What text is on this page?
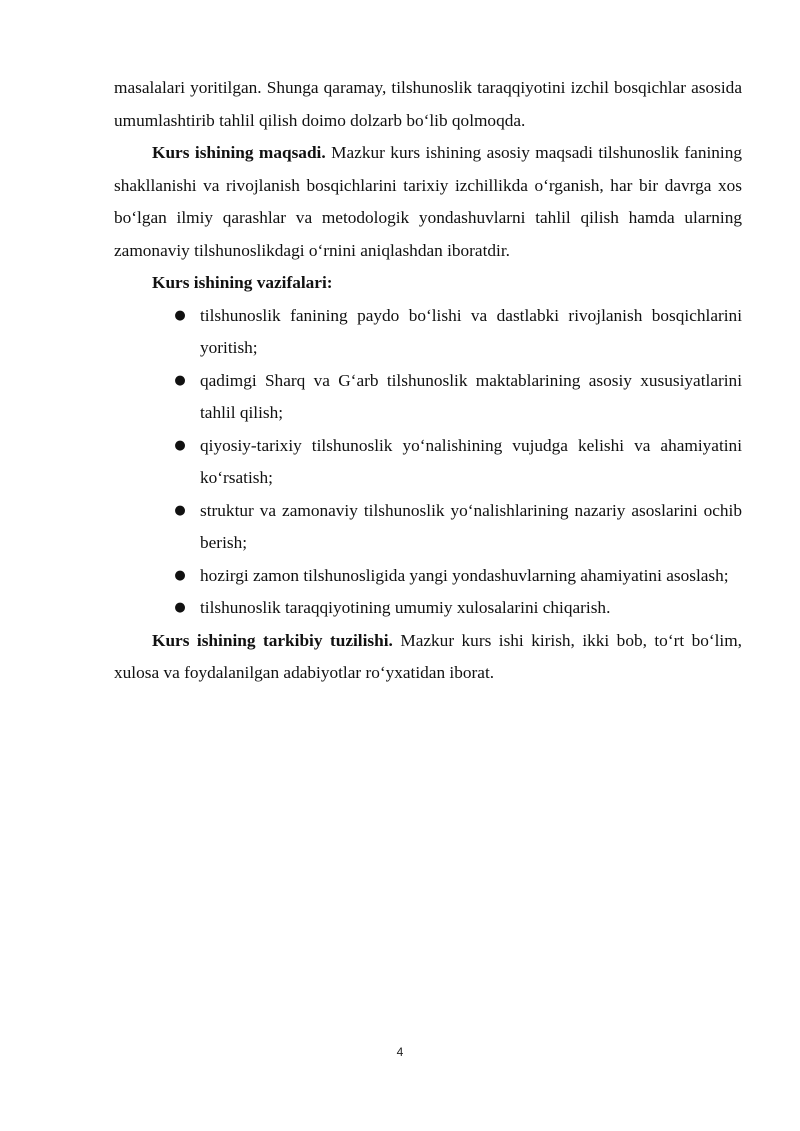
masalalari yoritilgan. Shunga qaramay, tilshunoslik taraqqiyotini izchil bosqichlar asosida umumlashtirib tahlil qilish doimo dolzarb bo‘lib qolmoqda.

Kurs ishining maqsadi. Mazkur kurs ishining asosiy maqsadi tilshunoslik fanining shakllanishi va rivojlanish bosqichlarini tarixiy izchillikda o‘rganish, har bir davrga xos bo‘lgan ilmiy qarashlar va metodologik yondashuvlarni tahlil qilish hamda ularning zamonaviy tilshunoslikdagi o‘rnini aniqlashdan iboratdir.

Kurs ishining vazifalari:

● tilshunoslik fanining paydo bo‘lishi va dastlabki rivojlanish bosqichlarini yoritish;
● qadimgi Sharq va G‘arb tilshunoslik maktablarining asosiy xususiyatlarini tahlil qilish;
● qiyosiy-tarixiy tilshunoslik yo‘nalishining vujudga kelishi va ahamiyatini ko‘rsatish;
● struktur va zamonaviy tilshunoslik yo‘nalishlarining nazariy asoslarini ochib berish;
● hozirgi zamon tilshunosligida yangi yondashuvlarning ahamiyatini asoslash;
● tilshunoslik taraqqiyotining umumiy xulosalarini chiqarish.

Kurs ishining tarkibiy tuzilishi. Mazkur kurs ishi kirish, ikki bob, to‘rt bo‘lim, xulosa va foydalanilgan adabiyotlar ro‘yxatidan iborat.

4
